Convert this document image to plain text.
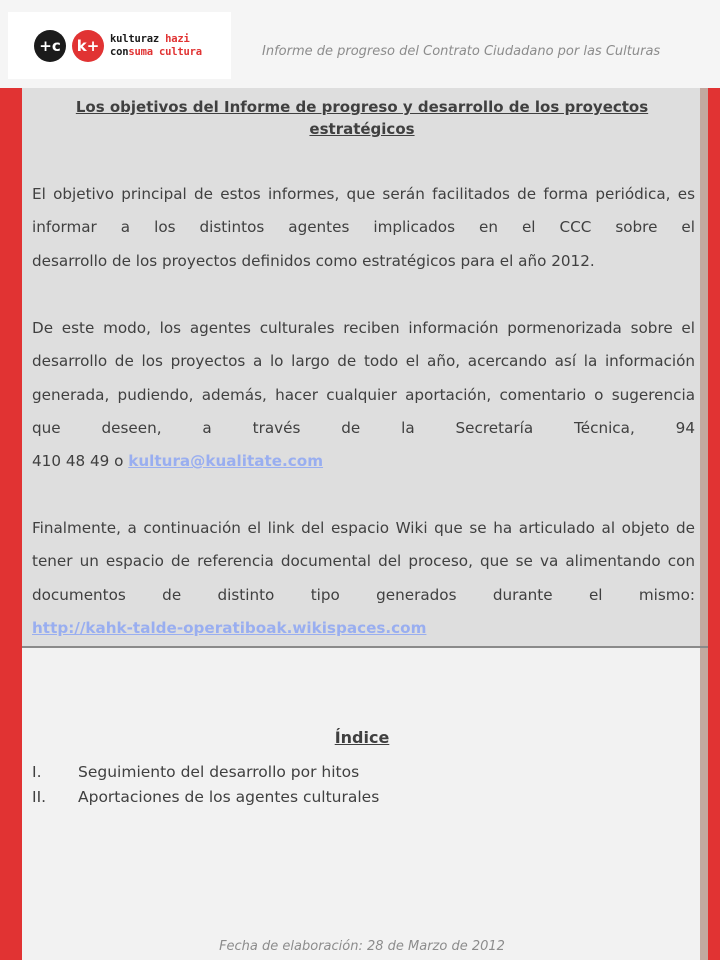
+c	k+	kulturaz hazi
consuma cultura	Informe de progreso del Contrato Ciudadano por las Culturas
Los objetivos del Informe de progreso y desarrollo de los proyectos estratégicos
El objetivo principal de estos informes, que serán facilitados de forma periódica, es informar a los distintos agentes implicados en el CCC sobre el
desarrollo de los proyectos definidos como estratégicos para el año 2012.
De este modo, los agentes culturales reciben información pormenorizada sobre el desarrollo de los proyectos a lo largo de todo el año, acercando así la información generada, pudiendo, además, hacer cualquier aportación, comentario o sugerencia que deseen, a través de la Secretaría Técnica, 94
410 48 49 o kultura@kualitate.com
Finalmente, a continuación el link del espacio Wiki que se ha articulado al objeto de tener un espacio de referencia documental del proceso, que se va alimentando con documentos de distinto tipo generados durante el mismo:
http://kahk-talde-operatiboak.wikispaces.com
Índice
I. Seguimiento del desarrollo por hitos
II. Aportaciones de los agentes culturales
Fecha de elaboración: 28 de Marzo de 2012
